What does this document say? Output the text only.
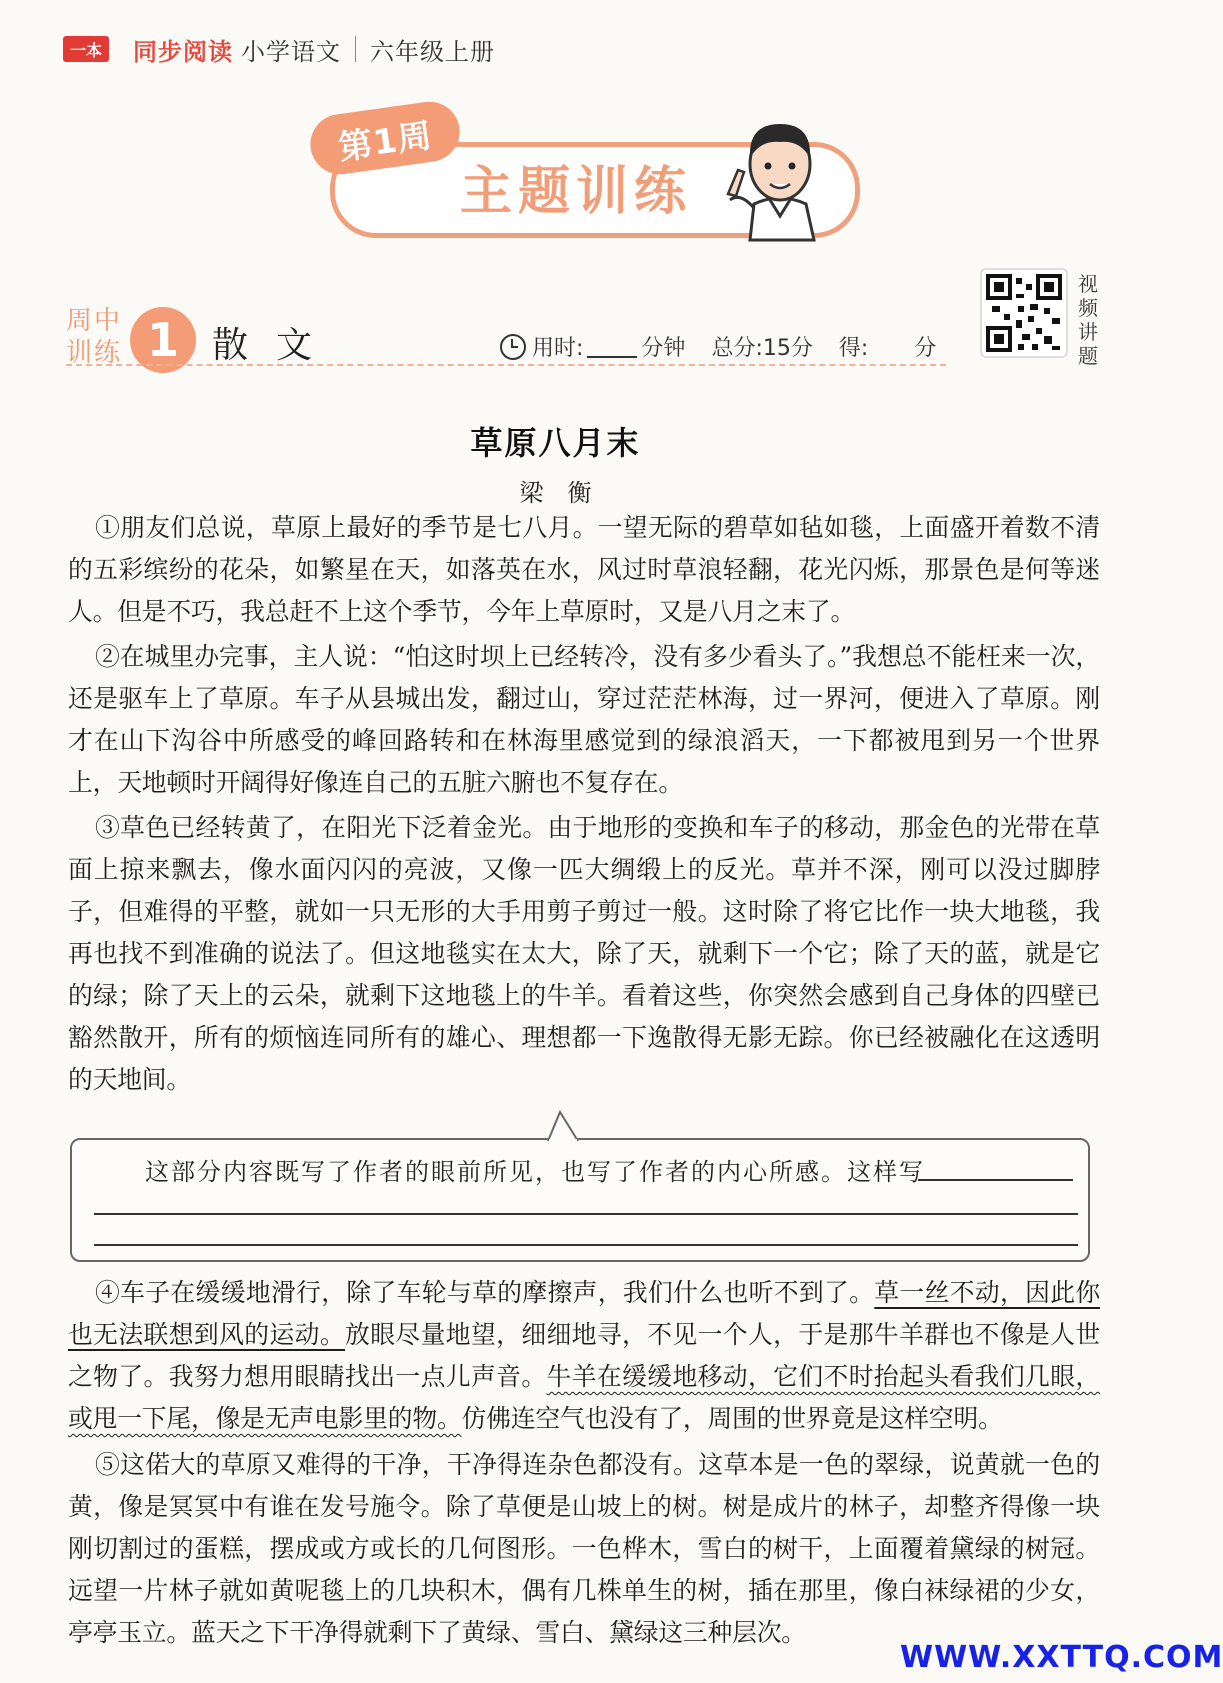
一本 同步阅读 小学语文 六年级上册
第1周
主题训练
周中训练 1 散文	用时:	分钟 总分:15分 得: 分
视频讲题
草原八月末
梁衡

①朋友们总说，草原上最好的季节是七八月。一望无际的碧草如毡如毯，上面盛开着数不清的五彩缤纷的花朵，如繁星在天，如落英在水，风过时草浪轻翻，花光闪烁，那景色是何等迷人。但是不巧，我总赶不上这个季节，今年上草原时，又是八月之末了。

②在城里办完事，主人说：“怕这时坝上已经转冷，没有多少看头了。”我想总不能枉来一次，还是驱车上了草原。车子从县城出发，翻过山，穿过茫茫林海，过一界河，便进入了草原。刚才在山下沟谷中所感受的峰回路转和在林海里感觉到的绿浪滔天，一下都被甩到另一个世界上，天地顿时开阔得好像连自己的五脏六腑也不复存在。

③草色已经转黄了，在阳光下泛着金光。由于地形的变换和车子的移动，那金色的光带在草面上掠来飘去，像水面闪闪的亮波，又像一匹大绸缎上的反光。草并不深，刚可以没过脚脖子，但难得的平整，就如一只无形的大手用剪子剪过一般。这时除了将它比作一块大地毯，我再也找不到准确的说法了。但这地毯实在太大，除了天，就剩下一个它；除了天的蓝，就是它的绿；除了天上的云朵，就剩下这地毯上的牛羊。看着这些，你突然会感到自己身体的四壁已豁然散开，所有的烦恼连同所有的雄心、理想都一下逸散得无影无踪。你已经被融化在这透明的天地间。

这部分内容既写了作者的眼前所见，也写了作者的内心所感。这样写

④车子在缓缓地滑行，除了车轮与草的摩擦声，我们什么也听不到了。草一丝不动，因此你也无法联想到风的运动。放眼尽量地望，细细地寻，不见一个人，于是那牛羊群也不像是人世之物了。我努力想用眼睛找出一点儿声音。牛羊在缓缓地移动，它们不时抬起头看我们几眼，或甩一下尾，像是无声电影里的物。仿佛连空气也没有了，周围的世界竟是这样空明。

⑤这偌大的草原又难得的干净，干净得连杂色都没有。这草本是一色的翠绿，说黄就一色的黄，像是冥冥中有谁在发号施令。除了草便是山坡上的树。树是成片的林子，却整齐得像一块刚切割过的蛋糕，摆成或方或长的几何图形。一色桦木，雪白的树干，上面覆着黛绿的树冠。远望一片林子就如黄呢毯上的几块积木，偶有几株单生的树，插在那里，像白袜绿裙的少女，亭亭玉立。蓝天之下干净得就剩下了黄绿、雪白、黛绿这三种层次。

WWW.XXTTQ.COM
